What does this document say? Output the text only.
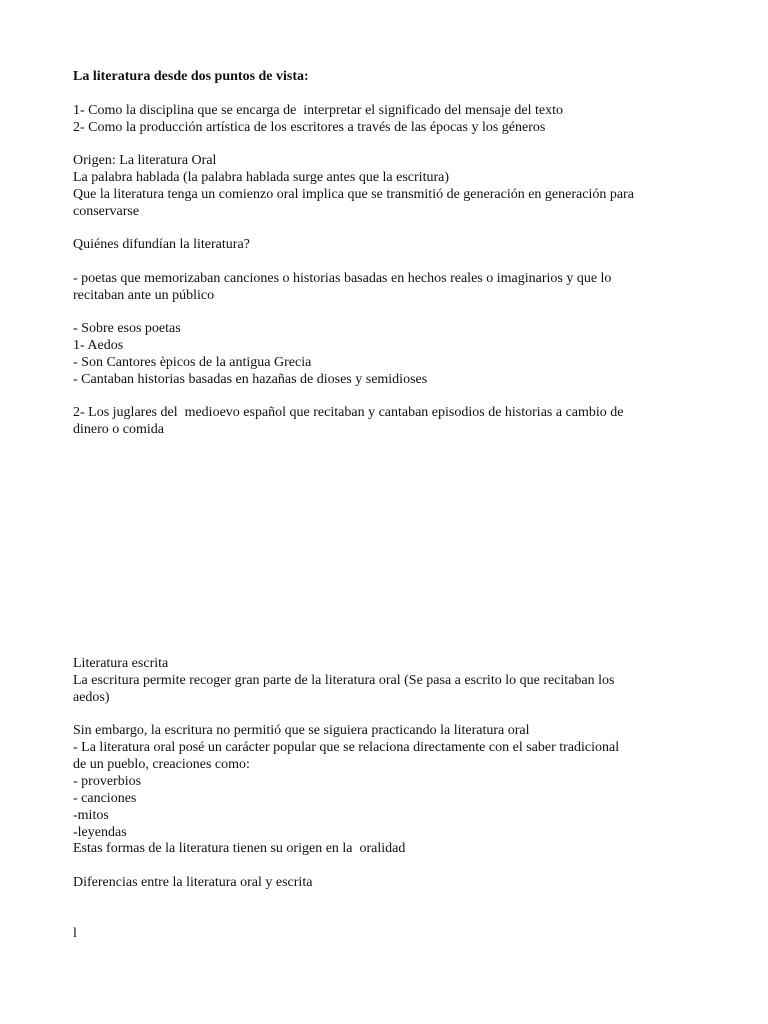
La literatura desde dos puntos de vista:

1- Como la disciplina que se encarga de  interpretar el significado del mensaje del texto

2- Como la producción artística de los escritores a través de las épocas y los géneros

Origen: La literatura Oral

La palabra hablada (la palabra hablada surge antes que la escritura)

Que la literatura tenga un comienzo oral implica que se transmitió de generación en generación para

conservarse

Quiénes difundían la literatura?

- poetas que memorizaban canciones o historias basadas en hechos reales o imaginarios y que lo

recitaban ante un público

- Sobre esos poetas

1- Aedos

- Son Cantores èpicos de la antigua Grecia

- Cantaban historias basadas en hazañas de dioses y semidioses

2- Los juglares del  medioevo español que recitaban y cantaban episodios de historias a cambio de

dinero o comida

Literatura escrita

La escritura permite recoger gran parte de la literatura oral (Se pasa a escrito lo que recitaban los

aedos)

Sin embargo, la escritura no permitió que se siguiera practicando la literatura oral

- La literatura oral posé un carácter popular que se relaciona directamente con el saber tradicional

de un pueblo, creaciones como:

- proverbios

- canciones

-mitos

-leyendas

Estas formas de la literatura tienen su origen en la  oralidad

Diferencias entre la literatura oral y escrita

l
